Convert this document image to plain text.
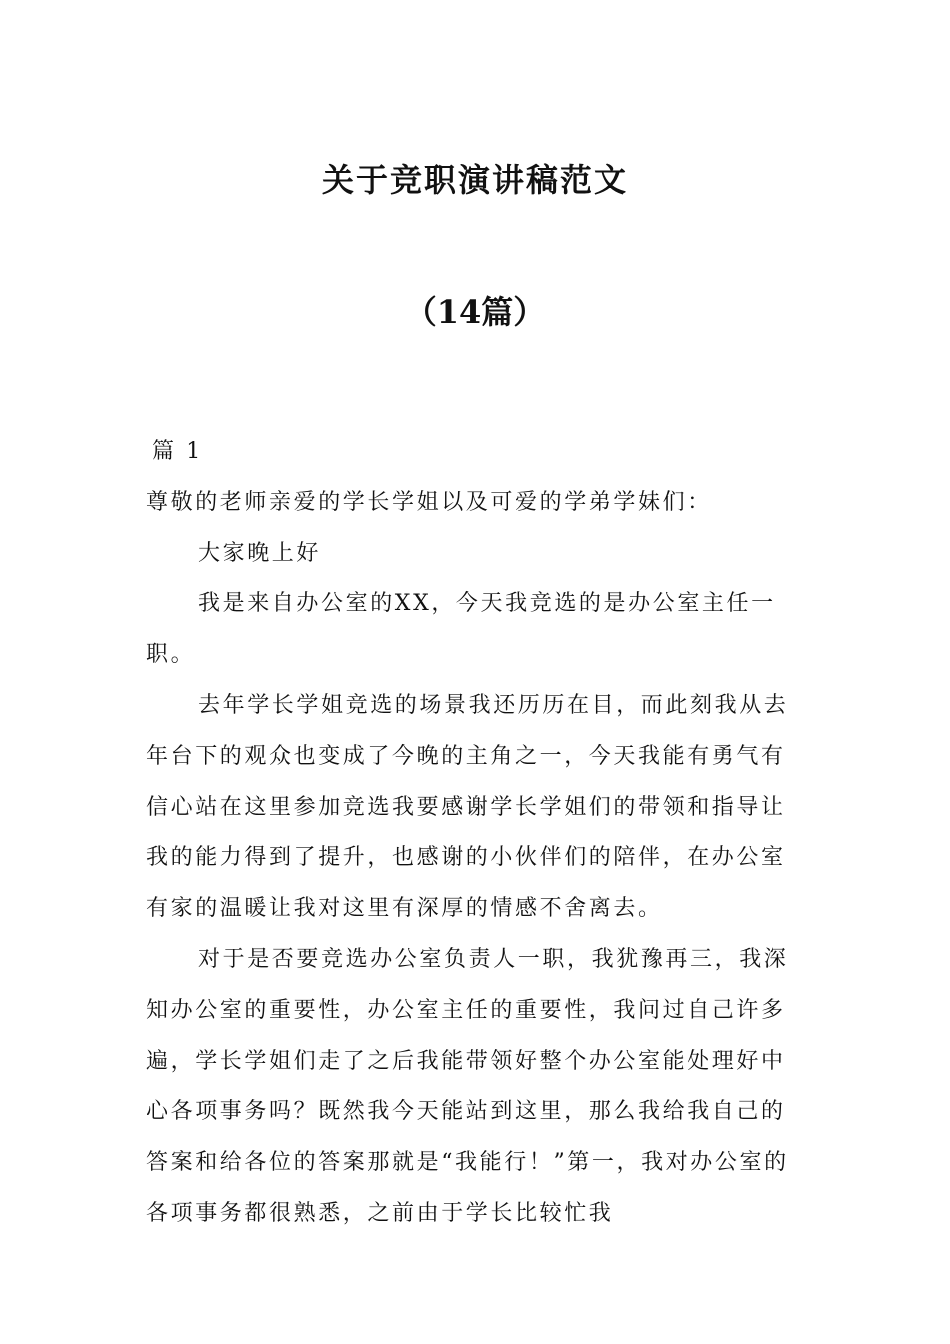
关于竞职演讲稿范文
（14篇）

篇 1

尊敬的老师亲爱的学长学姐以及可爱的学弟学妹们：

大家晚上好

我是来自办公室的XX，今天我竞选的是办公室主任一职。

去年学长学姐竞选的场景我还历历在目，而此刻我从去年台下的观众也变成了今晚的主角之一，今天我能有勇气有信心站在这里参加竞选我要感谢学长学姐们的带领和指导让我的能力得到了提升，也感谢的小伙伴们的陪伴，在办公室有家的温暖让我对这里有深厚的情感不舍离去。

对于是否要竞选办公室负责人一职，我犹豫再三，我深知办公室的重要性，办公室主任的重要性，我问过自己许多遍，学长学姐们走了之后我能带领好整个办公室能处理好中心各项事务吗？既然我今天能站到这里，那么我给我自己的答案和给各位的答案那就是“我能行！”第一，我对办公室的各项事务都很熟悉，之前由于学长比较忙我
